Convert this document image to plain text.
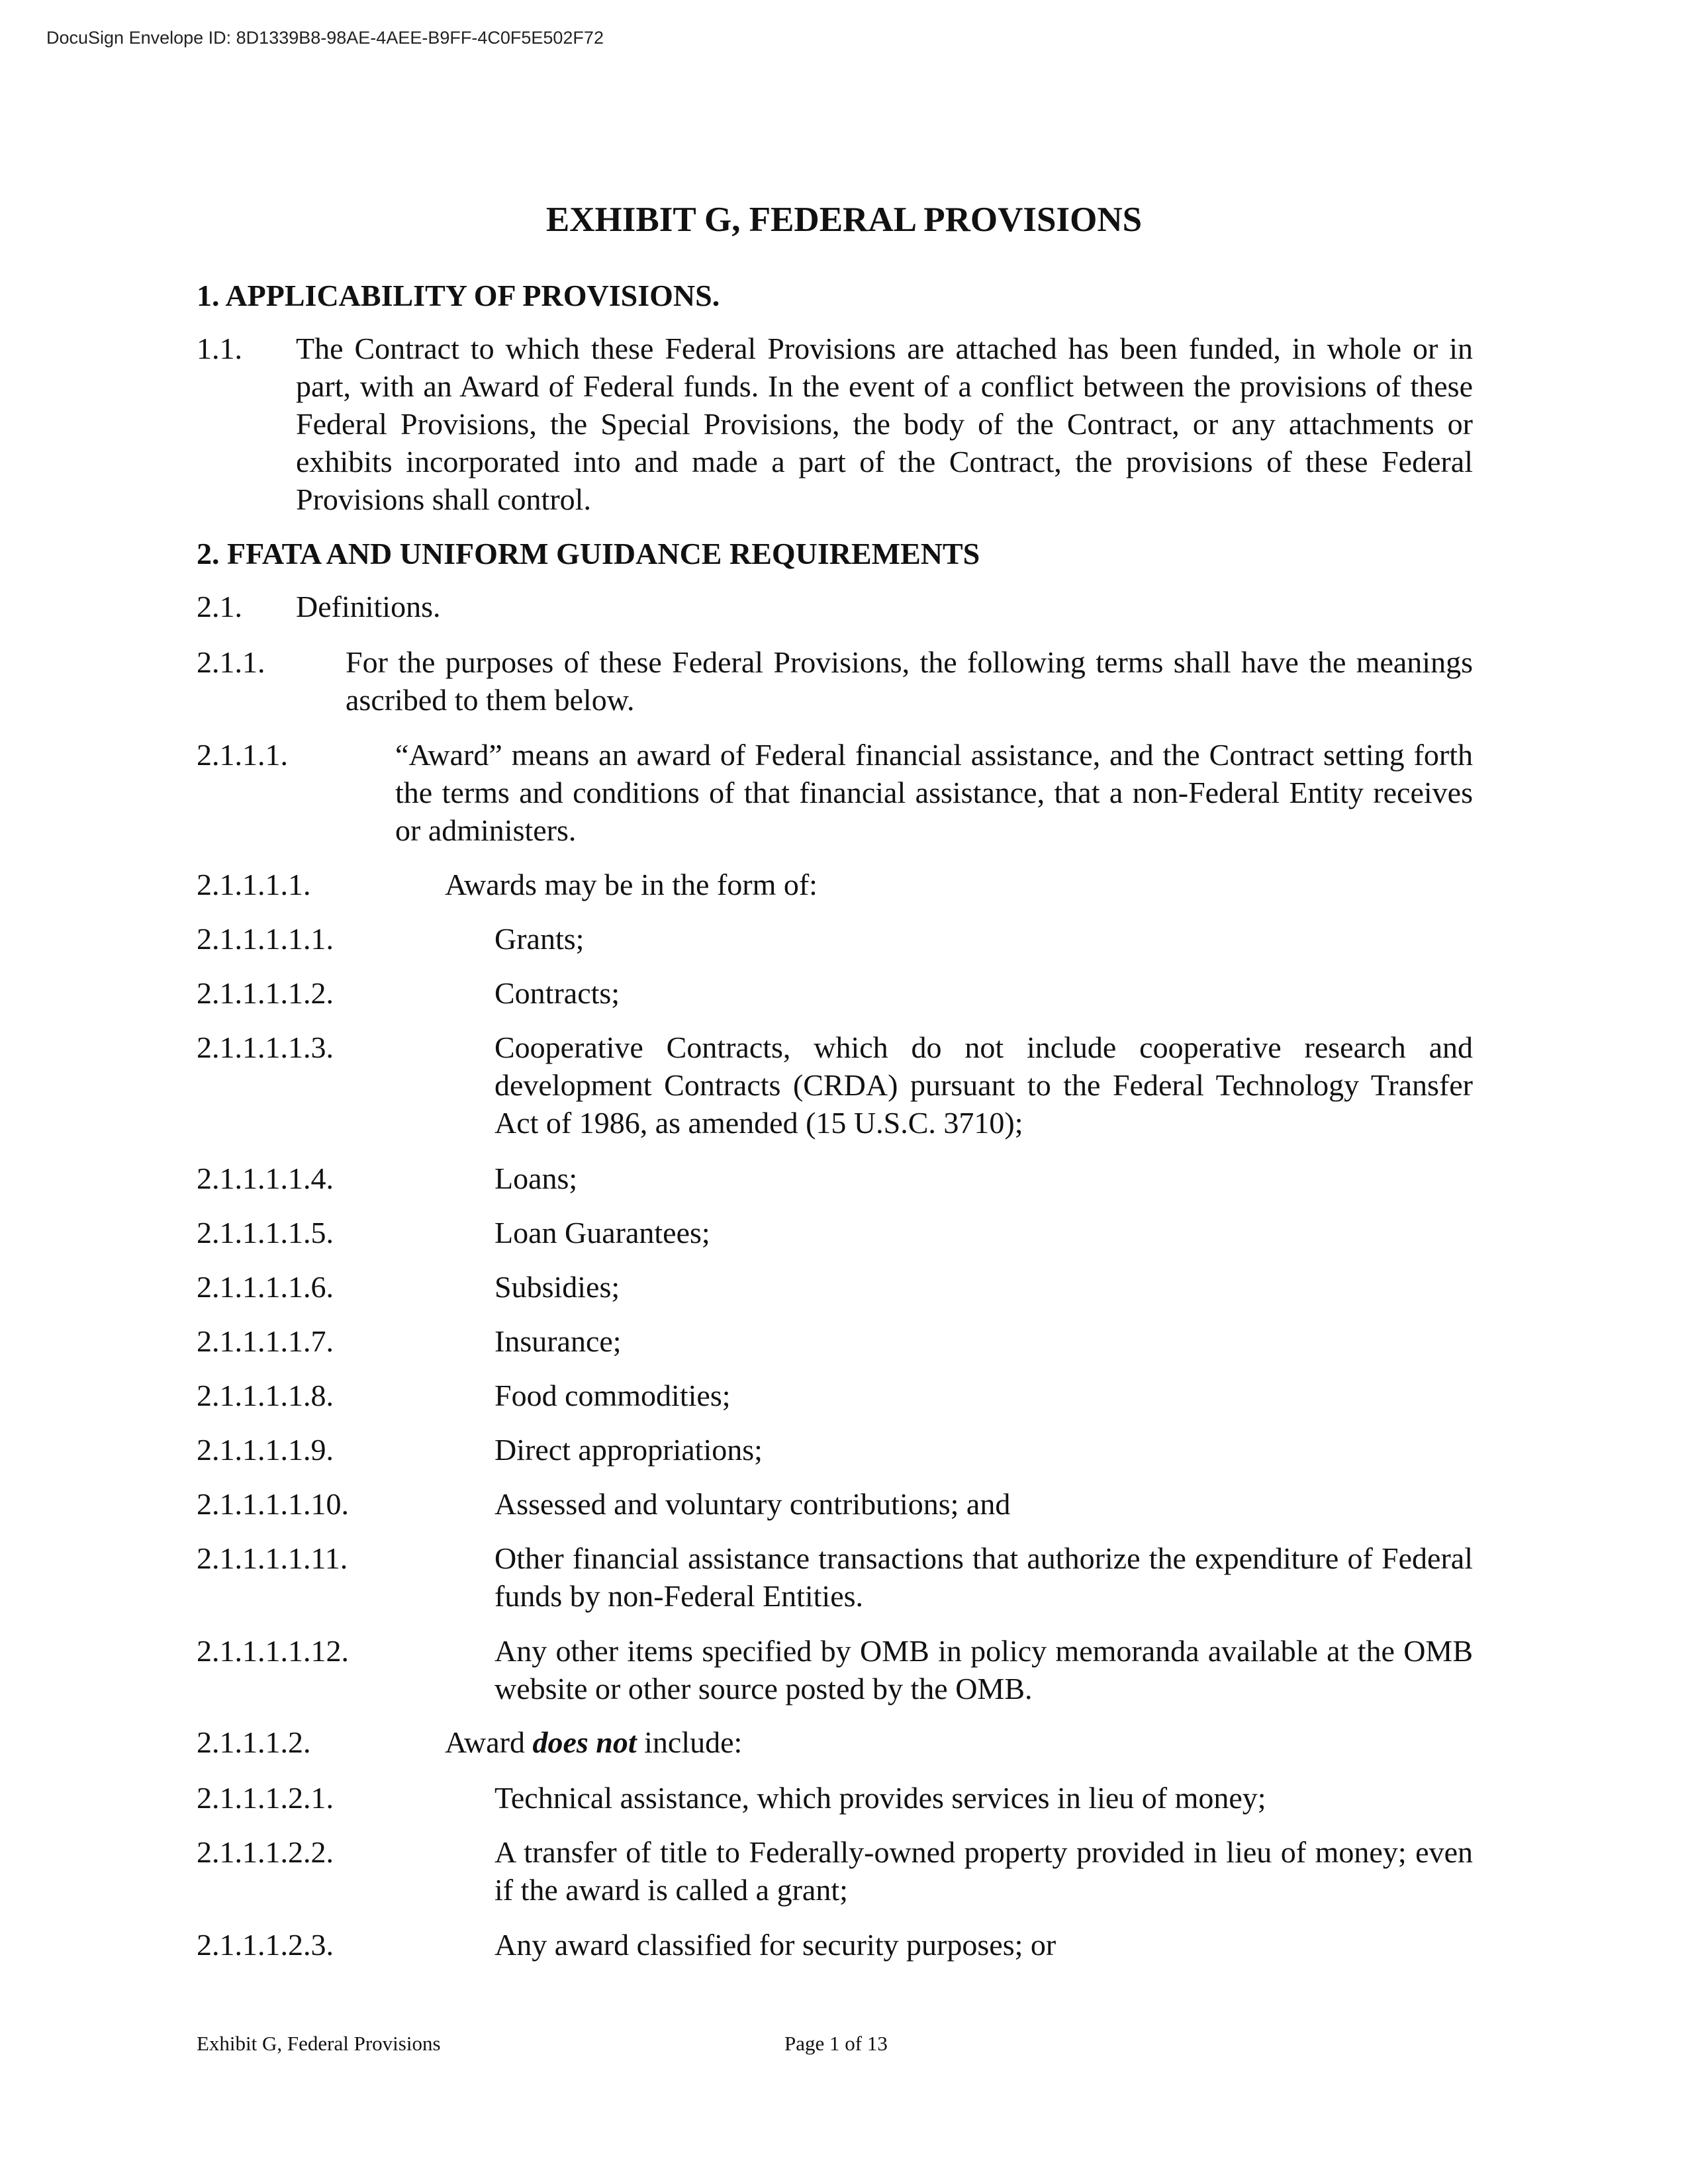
DocuSign Envelope ID: 8D1339B8-98AE-4AEE-B9FF-4C0F5E502F72
EXHIBIT G, FEDERAL PROVISIONS
1. APPLICABILITY OF PROVISIONS.
1.1. The Contract to which these Federal Provisions are attached has been funded, in whole or in part, with an Award of Federal funds. In the event of a conflict between the provisions of these Federal Provisions, the Special Provisions, the body of the Contract, or any attachments or exhibits incorporated into and made a part of the Contract, the provisions of these Federal Provisions shall control.
2. FFATA AND UNIFORM GUIDANCE REQUIREMENTS
2.1. Definitions.
2.1.1.	For the purposes of these Federal Provisions, the following terms shall have the meanings ascribed to them below.
2.1.1.1.	“Award” means an award of Federal financial assistance, and the Contract setting forth the terms and conditions of that financial assistance, that a non-Federal Entity receives or administers.
2.1.1.1.1.	Awards may be in the form of:
2.1.1.1.1.1.	Grants;
2.1.1.1.1.2.	Contracts;
2.1.1.1.1.3.	Cooperative Contracts, which do not include cooperative research and development Contracts (CRDA) pursuant to the Federal Technology Transfer Act of 1986, as amended (15 U.S.C. 3710);
2.1.1.1.1.4.	Loans;
2.1.1.1.1.5.	Loan Guarantees;
2.1.1.1.1.6.	Subsidies;
2.1.1.1.1.7.	Insurance;
2.1.1.1.1.8.	Food commodities;
2.1.1.1.1.9.	Direct appropriations;
2.1.1.1.1.10.	Assessed and voluntary contributions; and
2.1.1.1.1.11.	Other financial assistance transactions that authorize the expenditure of Federal funds by non-Federal Entities.
2.1.1.1.1.12.	Any other items specified by OMB in policy memoranda available at the OMB website or other source posted by the OMB.
2.1.1.1.2.	Award does not include:
2.1.1.1.2.1.	Technical assistance, which provides services in lieu of money;
2.1.1.1.2.2.	A transfer of title to Federally-owned property provided in lieu of money; even if the award is called a grant;
2.1.1.1.2.3.	Any award classified for security purposes; or
Exhibit G, Federal Provisions	Page 1 of 13
